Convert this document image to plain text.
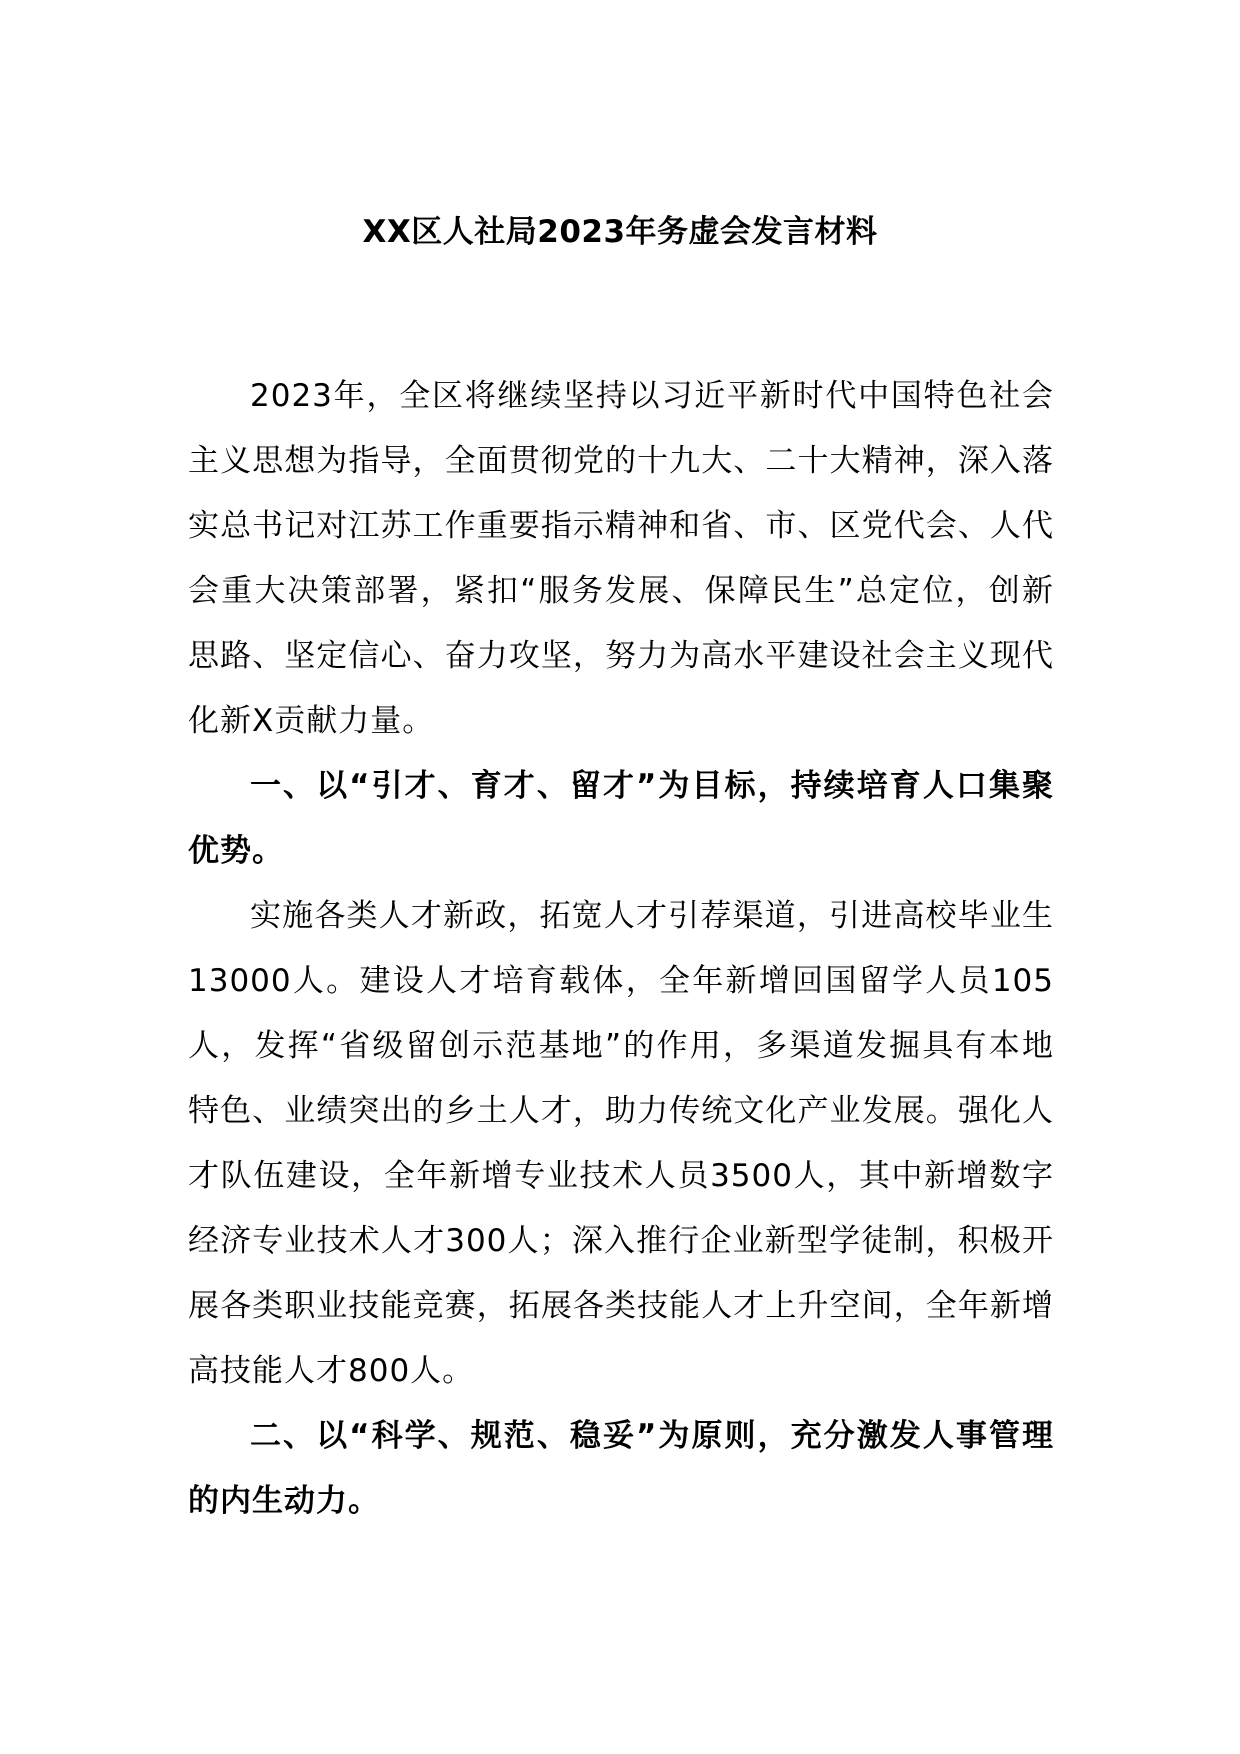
XX区人社局2023年务虚会发言材料

2023年，全区将继续坚持以习近平新时代中国特色社会主义思想为指导，全面贯彻党的十九大、二十大精神，深入落实总书记对江苏工作重要指示精神和省、市、区党代会、人代会重大决策部署，紧扣“服务发展、保障民生”总定位，创新思路、坚定信心、奋力攻坚，努力为高水平建设社会主义现代化新X贡献力量。

一、以“引才、育才、留才”为目标，持续培育人口集聚优势。

实施各类人才新政，拓宽人才引荐渠道，引进高校毕业生13000人。建设人才培育载体，全年新增回国留学人员105人，发挥“省级留创示范基地”的作用，多渠道发掘具有本地特色、业绩突出的乡土人才，助力传统文化产业发展。强化人才队伍建设，全年新增专业技术人员3500人，其中新增数字经济专业技术人才300人；深入推行企业新型学徒制，积极开展各类职业技能竞赛，拓展各类技能人才上升空间，全年新增高技能人才800人。

二、以“科学、规范、稳妥”为原则，充分激发人事管理的内生动力。
